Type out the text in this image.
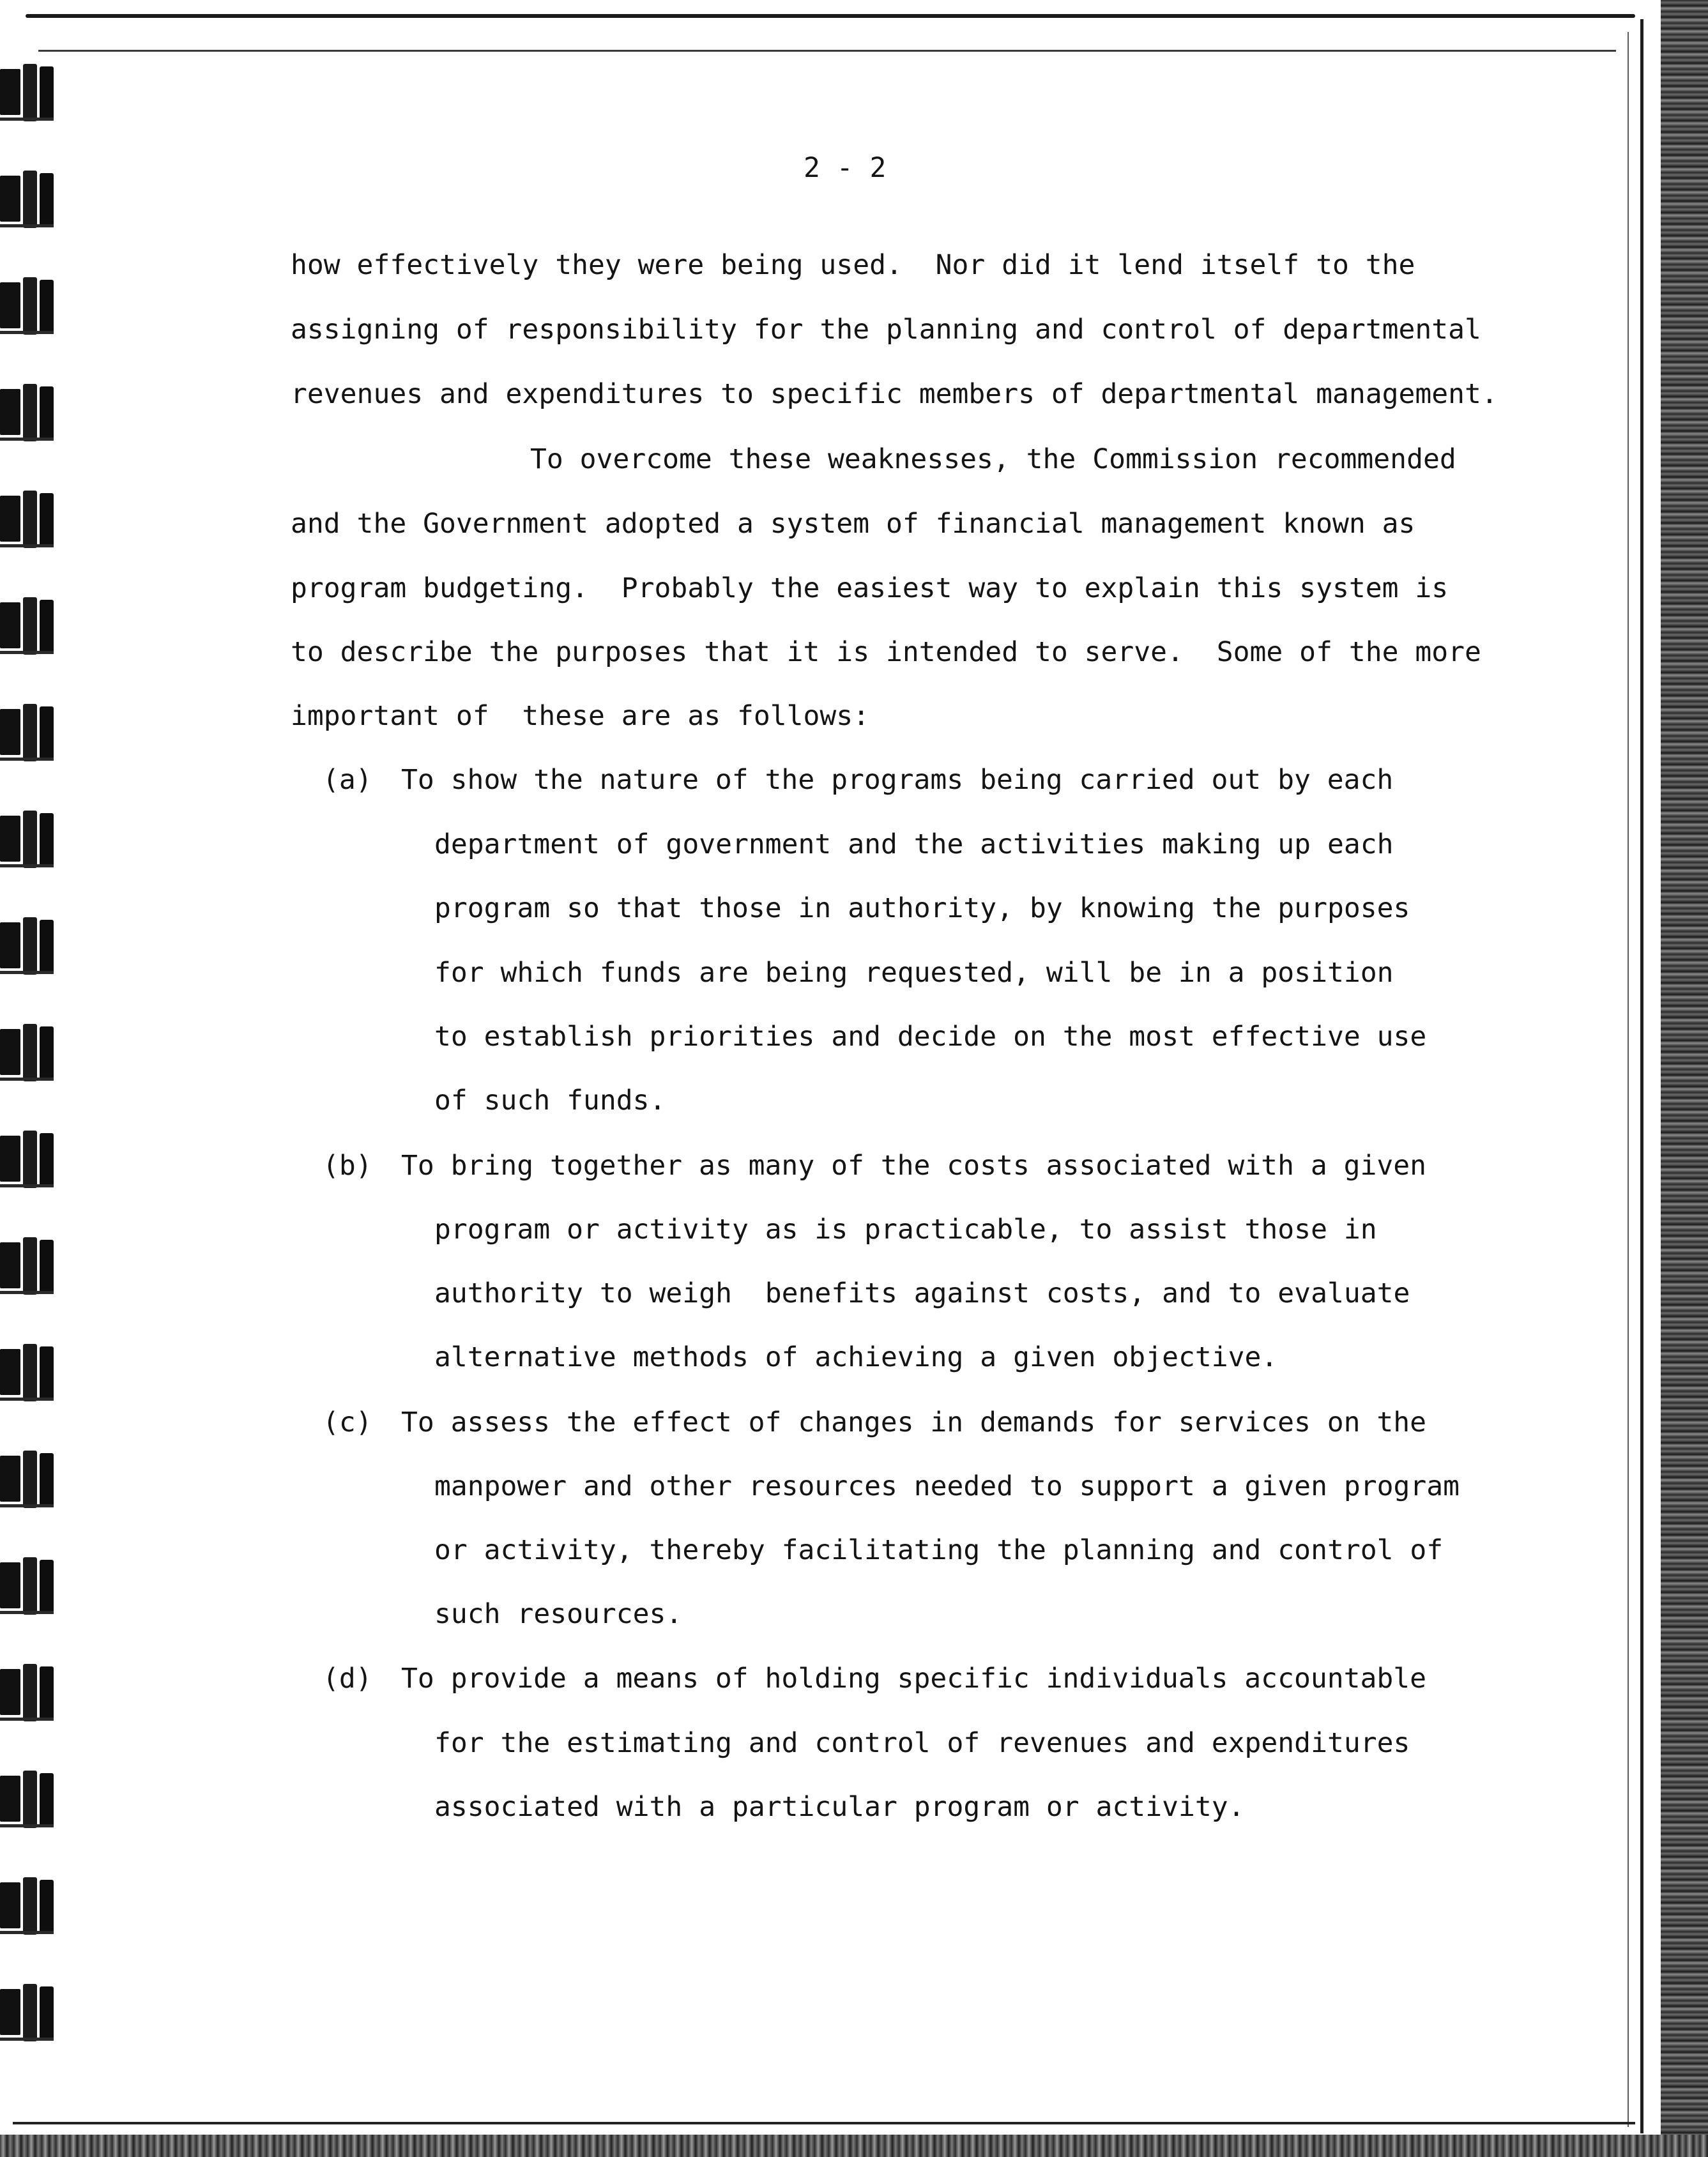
2 - 2
how effectively they were being used.  Nor did it lend itself to the
assigning of responsibility for the planning and control of departmental
revenues and expenditures to specific members of departmental management.
To overcome these weaknesses, the Commission recommended
and the Government adopted a system of financial management known as
program budgeting.  Probably the easiest way to explain this system is
to describe the purposes that it is intended to serve.  Some of the more
important of  these are as follows:
(a) To show the nature of the programs being carried out by each
department of government and the activities making up each
program so that those in authority, by knowing the purposes
for which funds are being requested, will be in a position
to establish priorities and decide on the most effective use
of such funds.
(b) To bring together as many of the costs associated with a given
program or activity as is practicable, to assist those in
authority to weigh  benefits against costs, and to evaluate
alternative methods of achieving a given objective.
(c) To assess the effect of changes in demands for services on the
manpower and other resources needed to support a given program
or activity, thereby facilitating the planning and control of
such resources.
(d) To provide a means of holding specific individuals accountable
for the estimating and control of revenues and expenditures
associated with a particular program or activity.
